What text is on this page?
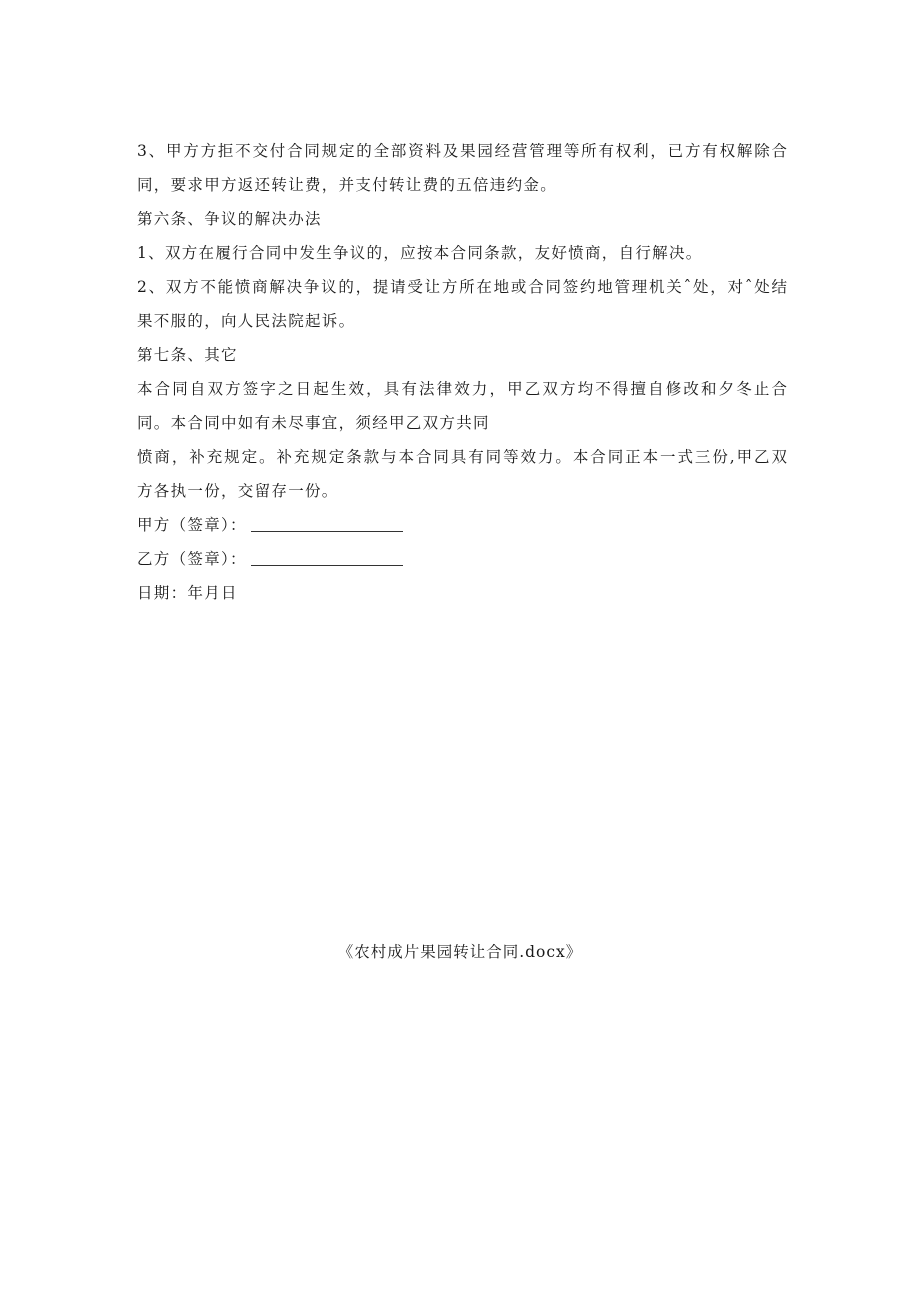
3、甲方方拒不交付合同规定的全部资料及果园经营管理等所有权利，已方有权解除合
同，要求甲方返还转让费，并支付转让费的五倍违约金。
第六条、争议的解决办法
1、双方在履行合同中发生争议的，应按本合同条款，友好愤商，自行解决。
2、双方不能愤商解决争议的，提请受让方所在地或合同签约地管理机关ˆ处，对ˆ处结
果不服的，向人民法院起诉。
第七条、其它
本合同自双方签字之日起生效，具有法律效力，甲乙双方均不得擅自修改和夕冬止合
同。本合同中如有未尽事宜，须经甲乙双方共同
愤商，补充规定。补充规定条款与本合同具有同等效力。本合同正本一式三份,甲乙双
方各执一份，交留存一份。
甲方（签章）：
乙方（签章）：
日期：年月日
《农村成片果园转让合同.docx》
